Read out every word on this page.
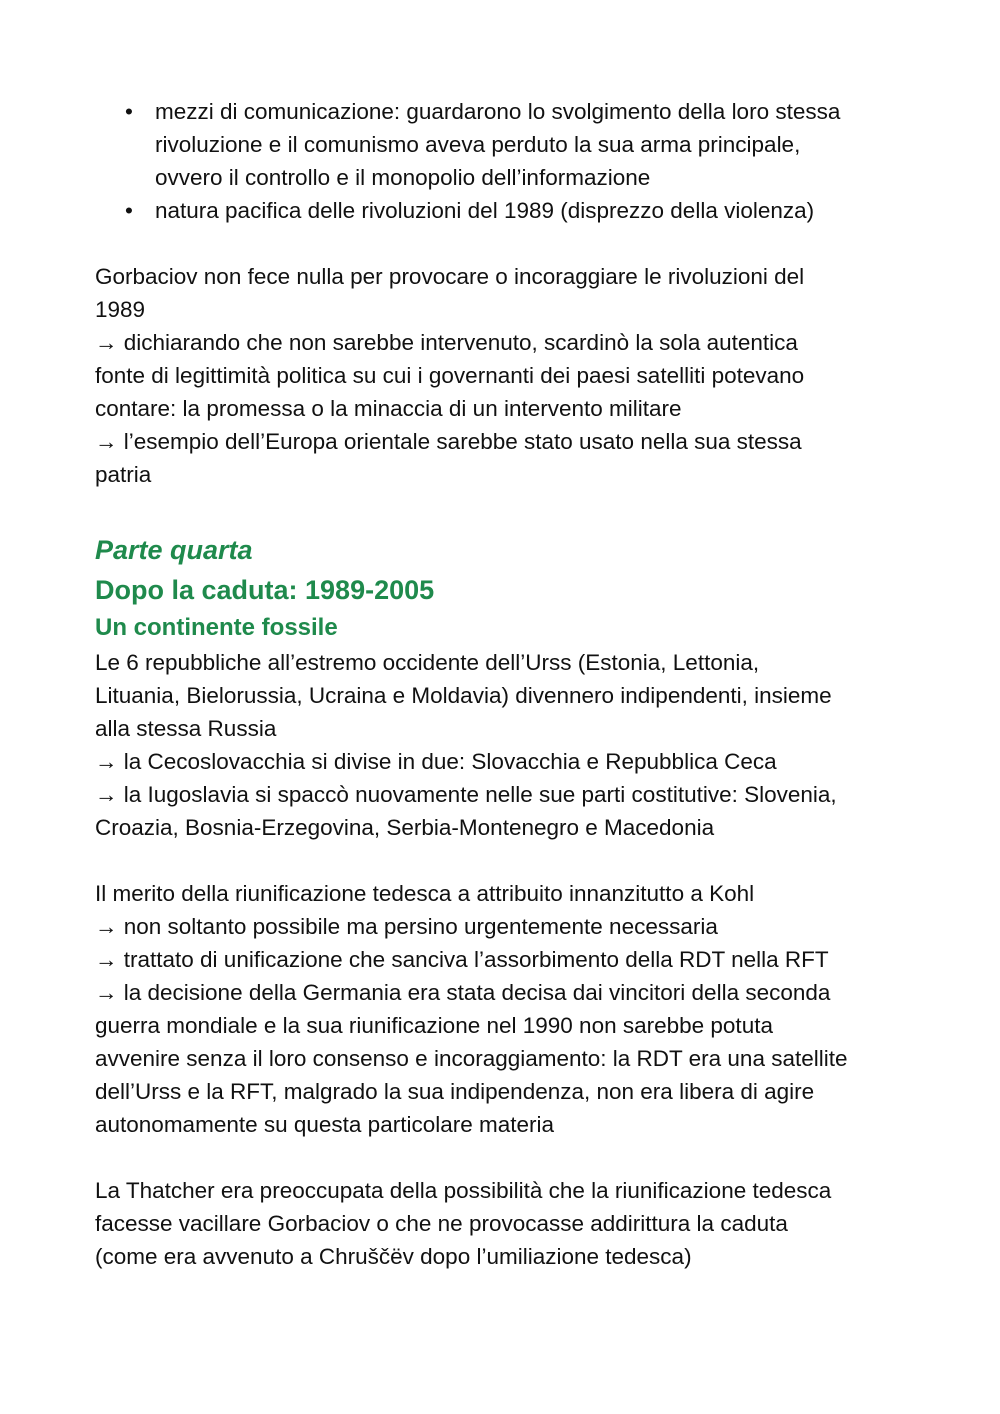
• mezzi di comunicazione: guardarono lo svolgimento della loro stessa

rivoluzione e il comunismo aveva perduto la sua arma principale,

ovvero il controllo e il monopolio dell’informazione

• natura pacifica delle rivoluzioni del 1989 (disprezzo della violenza)

Gorbaciov non fece nulla per provocare o incoraggiare le rivoluzioni del

1989

→ dichiarando che non sarebbe intervenuto, scardinò la sola autentica

fonte di legittimità politica su cui i governanti dei paesi satelliti potevano

contare: la promessa o la minaccia di un intervento militare

→ l’esempio dell’Europa orientale sarebbe stato usato nella sua stessa

patria

Parte quarta
Dopo la caduta: 1989-2005
Un continente fossile

Le 6 repubbliche all’estremo occidente dell’Urss (Estonia, Lettonia,

Lituania, Bielorussia, Ucraina e Moldavia) divennero indipendenti, insieme

alla stessa Russia

→ la Cecoslovacchia si divise in due: Slovacchia e Repubblica Ceca

→ la Iugoslavia si spaccò nuovamente nelle sue parti costitutive: Slovenia,

Croazia, Bosnia-Erzegovina, Serbia-Montenegro e Macedonia

Il merito della riunificazione tedesca a attribuito innanzitutto a Kohl

→ non soltanto possibile ma persino urgentemente necessaria

→ trattato di unificazione che sanciva l’assorbimento della RDT nella RFT

→ la decisione della Germania era stata decisa dai vincitori della seconda

guerra mondiale e la sua riunificazione nel 1990 non sarebbe potuta

avvenire senza il loro consenso e incoraggiamento: la RDT era una satellite

dell’Urss e la RFT, malgrado la sua indipendenza, non era libera di agire

autonomamente su questa particolare materia

La Thatcher era preoccupata della possibilità che la riunificazione tedesca

facesse vacillare Gorbaciov o che ne provocasse addirittura la caduta

(come era avvenuto a Chruščëv dopo l’umiliazione tedesca)
